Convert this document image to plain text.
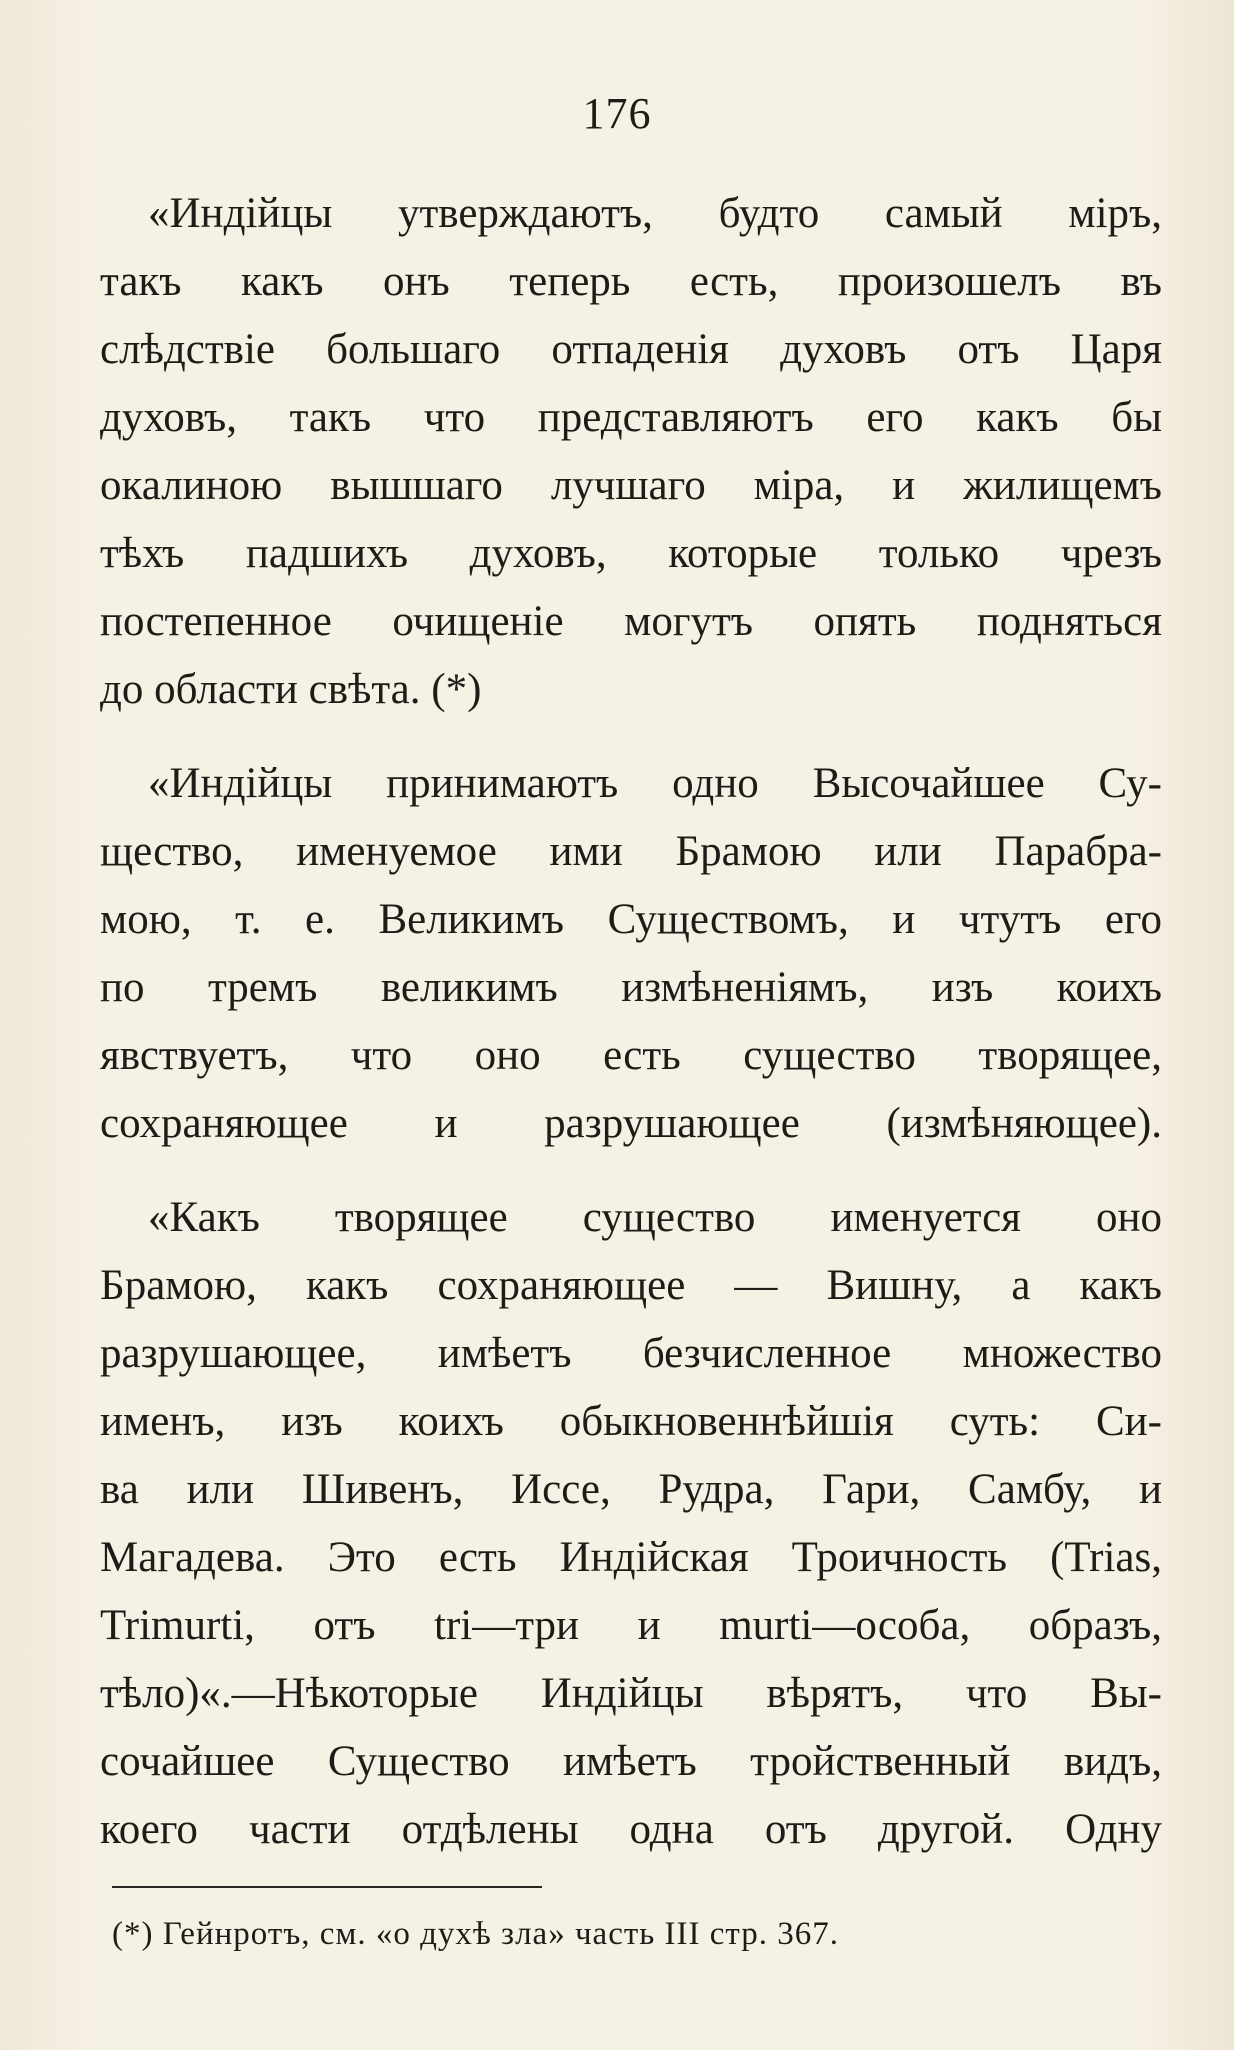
176
«Индійцы утверждаютъ, будто самый міръ,
такъ какъ онъ теперь есть, произошелъ въ
слѣдствіе большаго отпаденія духовъ отъ Царя
духовъ, такъ что представляютъ его какъ бы
окалиною вышшаго лучшаго міра, и жилищемъ
тѣхъ падшихъ духовъ, которые только чрезъ
постепенное очищеніе могутъ опять подняться
до области свѣта. (*)
«Индійцы принимаютъ одно Высочайшее Су-
щество, именуемое ими Брамою или Парабра-
мою, т. е. Великимъ Существомъ, и чтутъ его
по тремъ великимъ измѣненіямъ, изъ коихъ
явствуетъ, что оно есть существо творящее,
сохраняющее и разрушающее (измѣняющее).
«Какъ творящее существо именуется оно
Брамою, какъ сохраняющее — Вишну, а какъ
разрушающее, имѣетъ безчисленное множество
именъ, изъ коихъ обыкновеннѣйшія суть: Си-
ва или Шивенъ, Иссе, Рудра, Гари, Самбу, и
Магадева. Это есть Индійская Троичность (Trias,
Trimurti, отъ tri—три и murti—особа, образъ,
тѣло)«.—Нѣкоторые Индійцы вѣрятъ, что Вы-
сочайшее Существо имѣетъ тройственный видъ,
коего части отдѣлены одна отъ другой. Одну
(*) Гейнротъ, см. «о духѣ зла» часть III стр. 367.
